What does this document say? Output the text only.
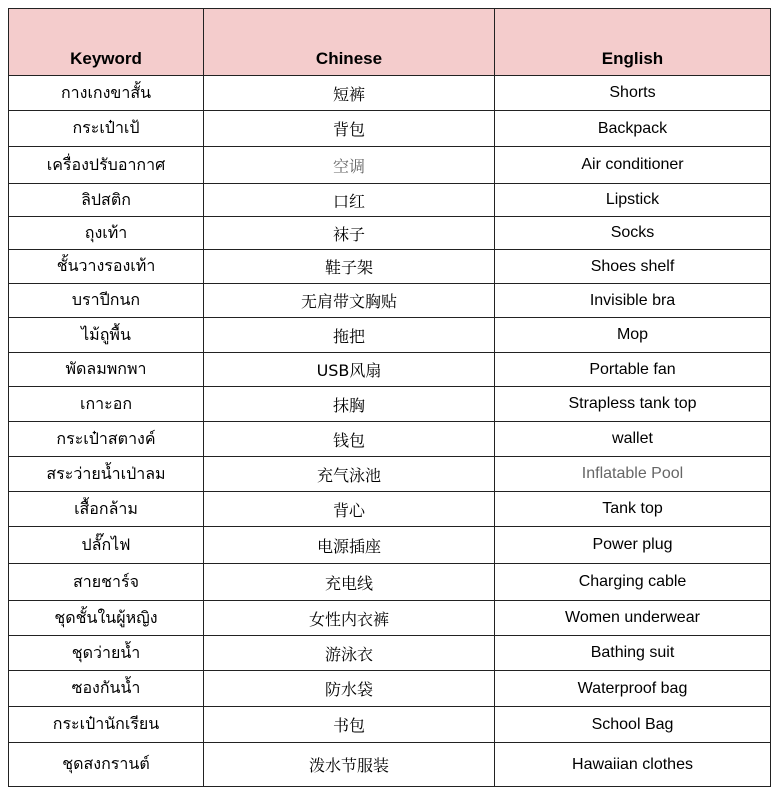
Keyword	Chinese	English
กางเกงขาสั้น	短裤	Shorts
กระเป๋าเป้	背包	Backpack
เครื่องปรับอากาศ	空调	Air conditioner
ลิปสติก	口红	Lipstick
ถุงเท้า	袜子	Socks
ชั้นวางรองเท้า	鞋子架	Shoes shelf
บราปีกนก	无肩带文胸贴	Invisible bra
ไม้ถูพื้น	拖把	Mop
พัดลมพกพา	USB风扇	Portable fan
เกาะอก	抹胸	Strapless tank top
กระเป๋าสตางค์	钱包	wallet
สระว่ายน้ำเป่าลม	充气泳池	Inflatable Pool
เสื้อกล้าม	背心	Tank top
ปลั๊กไฟ	电源插座	Power plug
สายชาร์จ	充电线	Charging cable
ชุดชั้นในผู้หญิง	女性内衣裤	Women underwear
ชุดว่ายน้ำ	游泳衣	Bathing suit
ซองกันน้ำ	防水袋	Waterproof bag
กระเป๋านักเรียน	书包	School Bag
ชุดสงกรานต์	泼水节服装	Hawaiian clothes
